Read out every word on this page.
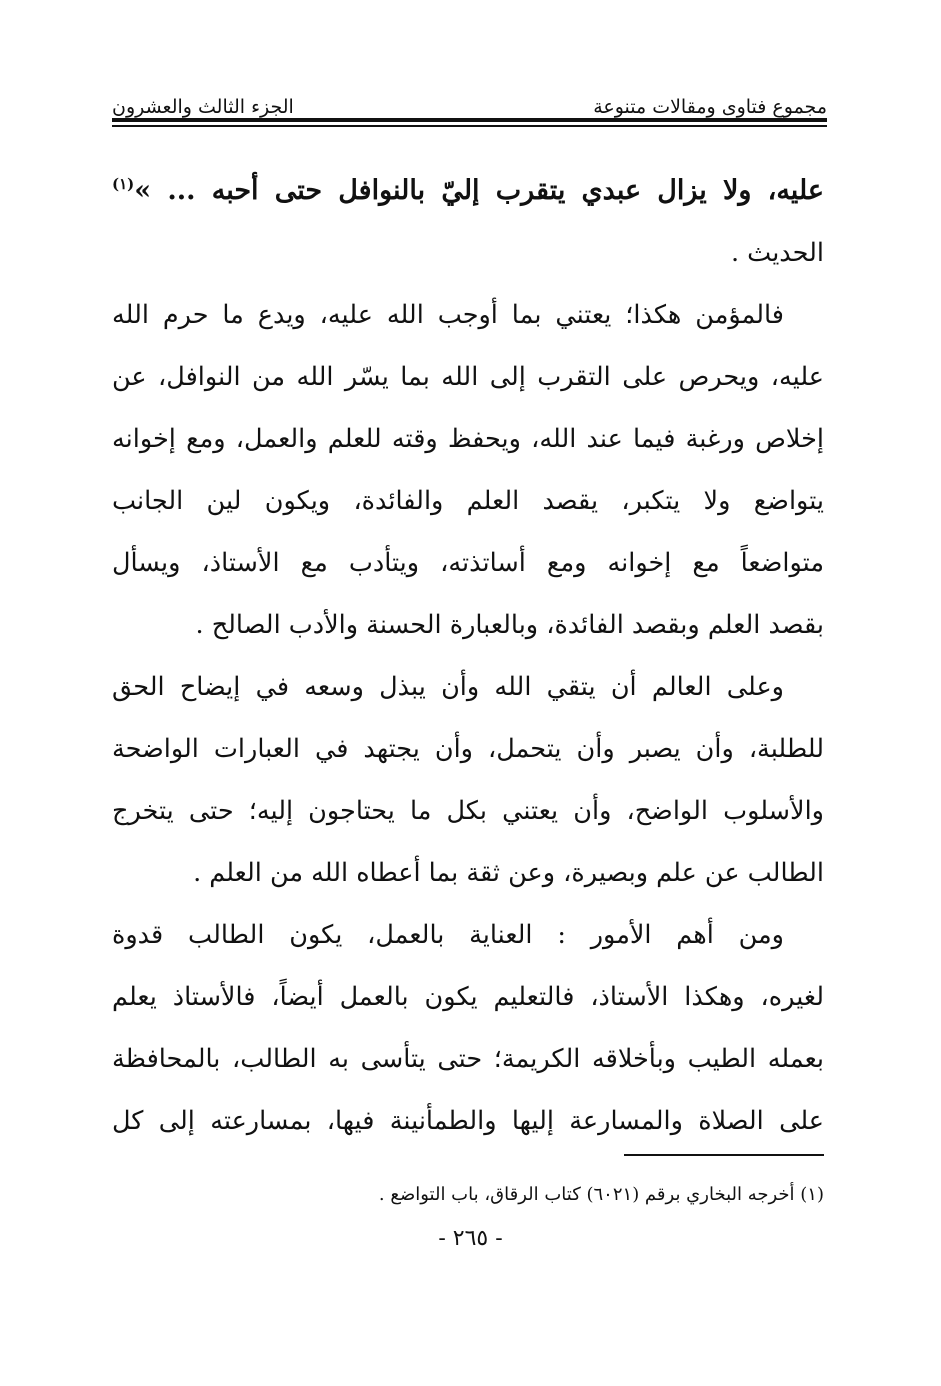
مجموع فتاوى ومقالات متنوعة
الجزء الثالث والعشرون
عليه، ولا يزال عبدي يتقرب إليّ بالنوافل حتى أحبه ... »$^{(١)}$
الحديث .
فالمؤمن هكذا؛ يعتني بما أوجب الله عليه، ويدع ما حرم الله
عليه، ويحرص على التقرب إلى الله بما يسّر الله من النوافل، عن
إخلاص ورغبة فيما عند الله، ويحفظ وقته للعلم والعمل، ومع إخوانه
يتواضع ولا يتكبر، يقصد العلم والفائدة، ويكون لين الجانب
متواضعاً مع إخوانه ومع أساتذته، ويتأدب مع الأستاذ، ويسأل
بقصد العلم وبقصد الفائدة، وبالعبارة الحسنة والأدب الصالح .
وعلى العالم أن يتقي الله وأن يبذل وسعه في إيضاح الحق
للطلبة، وأن يصبر وأن يتحمل، وأن يجتهد في العبارات الواضحة
والأسلوب الواضح، وأن يعتني بكل ما يحتاجون إليه؛ حتى يتخرج
الطالب عن علم وبصيرة، وعن ثقة بما أعطاه الله من العلم .
ومن أهم الأمور : العناية بالعمل، يكون الطالب قدوة
لغيره، وهكذا الأستاذ، فالتعليم يكون بالعمل أيضاً، فالأستاذ يعلم
بعمله الطيب وبأخلاقه الكريمة؛ حتى يتأسى به الطالب، بالمحافظة
على الصلاة والمسارعة إليها والطمأنينة فيها، بمسارعته إلى كل
(١) أخرجه البخاري برقم (٦٠٢١) كتاب الرقاق، باب التواضع .
- ٢٦٥ -
